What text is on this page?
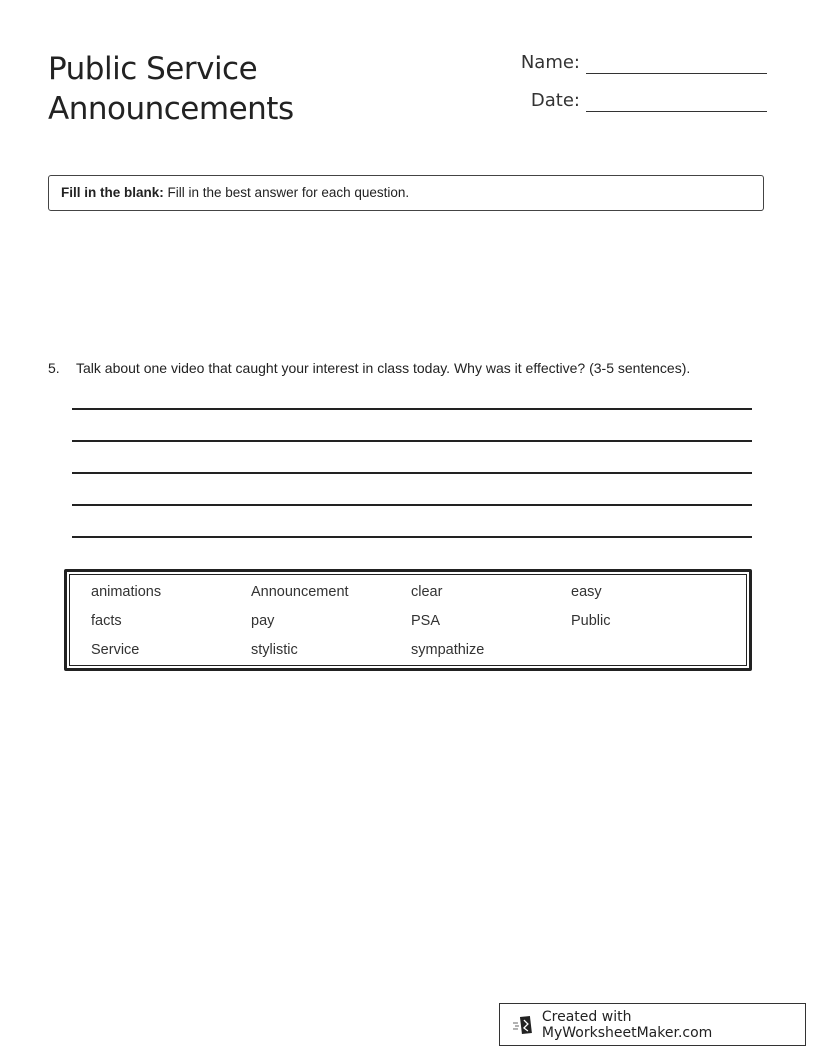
Public Service
Announcements
Name:
Date:
Fill in the blank: Fill in the best answer for each question.
5. Talk about one video that caught your interest in class today. Why was it effective? (3-5 sentences).
animations	Announcement	clear	easy
facts	pay	PSA	Public
Service	stylistic	sympathize
Created with MyWorksheetMaker.com
